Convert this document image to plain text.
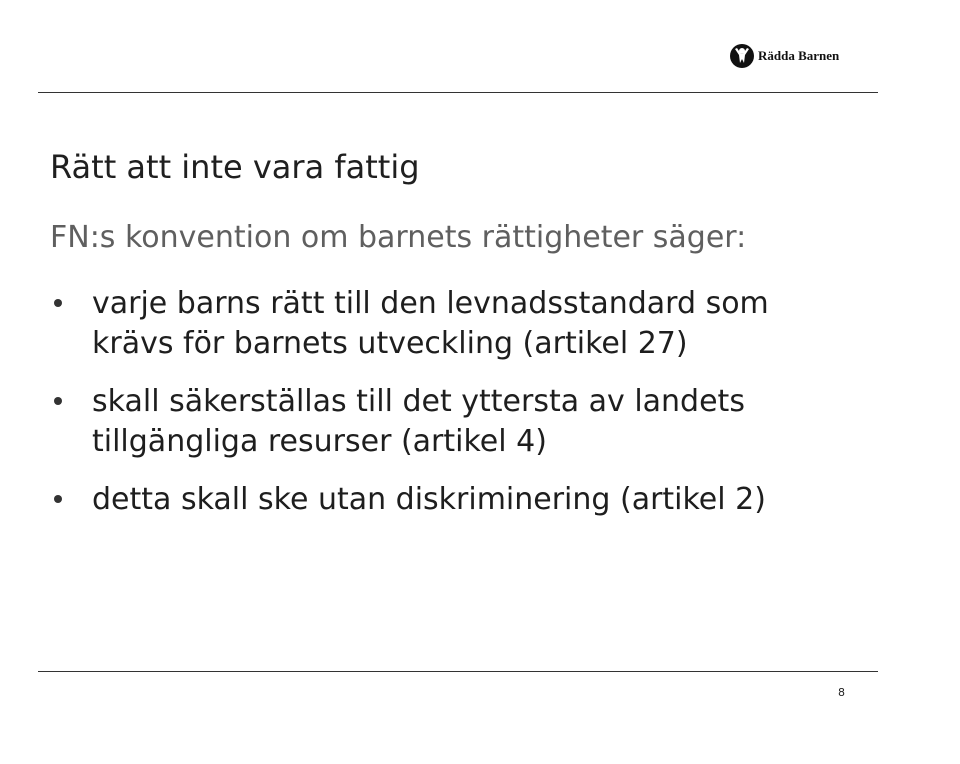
Rädda Barnen
Rätt att inte vara fattig
FN:s konvention om barnets rättigheter säger:
varje barns rätt till den levnadsstandard som
krävs för barnets utveckling (artikel 27)
skall säkerställas till det yttersta av landets
tillgängliga resurser (artikel 4)
detta skall ske utan diskriminering (artikel 2)
8
